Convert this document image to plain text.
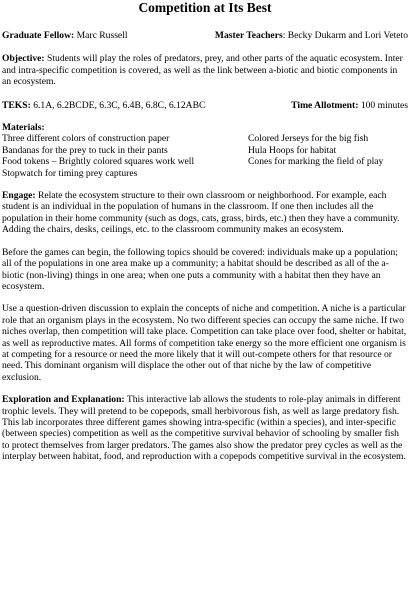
Competition at Its Best
Graduate Fellow: Marc Russell	Master Teachers: Becky Dukarm and Lori Veteto

Objective: Students will play the roles of predators, prey, and other parts of the aquatic ecosystem. Inter and intra-specific competition is covered, as well as the link between a-biotic and biotic components in an ecosystem.

TEKS: 6.1A, 6.2BCDE, 6.3C, 6.4B, 6.8C, 6.12ABC	Time Allotment: 100 minutes
Materials:
Three different colors of construction paper
Bandanas for the prey to tuck in their pants
Food tokens – Brightly colored squares work well
Stopwatch for timing prey captures
Colored Jerseys for the big fish
Hula Hoops for habitat
Cones for marking the field of play

Engage: Relate the ecosystem structure to their own classroom or neighborhood. For example, each student is an individual in the population of humans in the classroom. If one then includes all the population in their home community (such as dogs, cats, grass, birds, etc.) then they have a community. Adding the chairs, desks, ceilings, etc. to the classroom community makes an ecosystem.

Before the games can begin, the following topics should be covered: individuals make up a population; all of the populations in one area make up a community; a habitat should be described as all of the a-biotic (non-living) things in one area; when one puts a community with a habitat then they have an ecosystem.

Use a question-driven discussion to explain the concepts of niche and competition. A niche is a particular role that an organism plays in the ecosystem. No two different species can occupy the same niche. If two niches overlap, then competition will take place. Competition can take place over food, shelter or habitat, as well as reproductive mates. All forms of competition take energy so the more efficient one organism is at competing for a resource or need the more likely that it will out-compete others for that resource or need. This dominant organism will displace the other out of that niche by the law of competitive exclusion.

Exploration and Explanation: This interactive lab allows the students to role-play animals in different trophic levels. They will pretend to be copepods, small herbivorous fish, as well as large predatory fish. This lab incorporates three different games showing intra-specific (within a species), and inter-specific (between species) competition as well as the competitive survival behavior of schooling by smaller fish to protect themselves from larger predators. The games also show the predator prey cycles as well as the interplay between habitat, food, and reproduction with a copepods competitive survival in the ecosystem.
